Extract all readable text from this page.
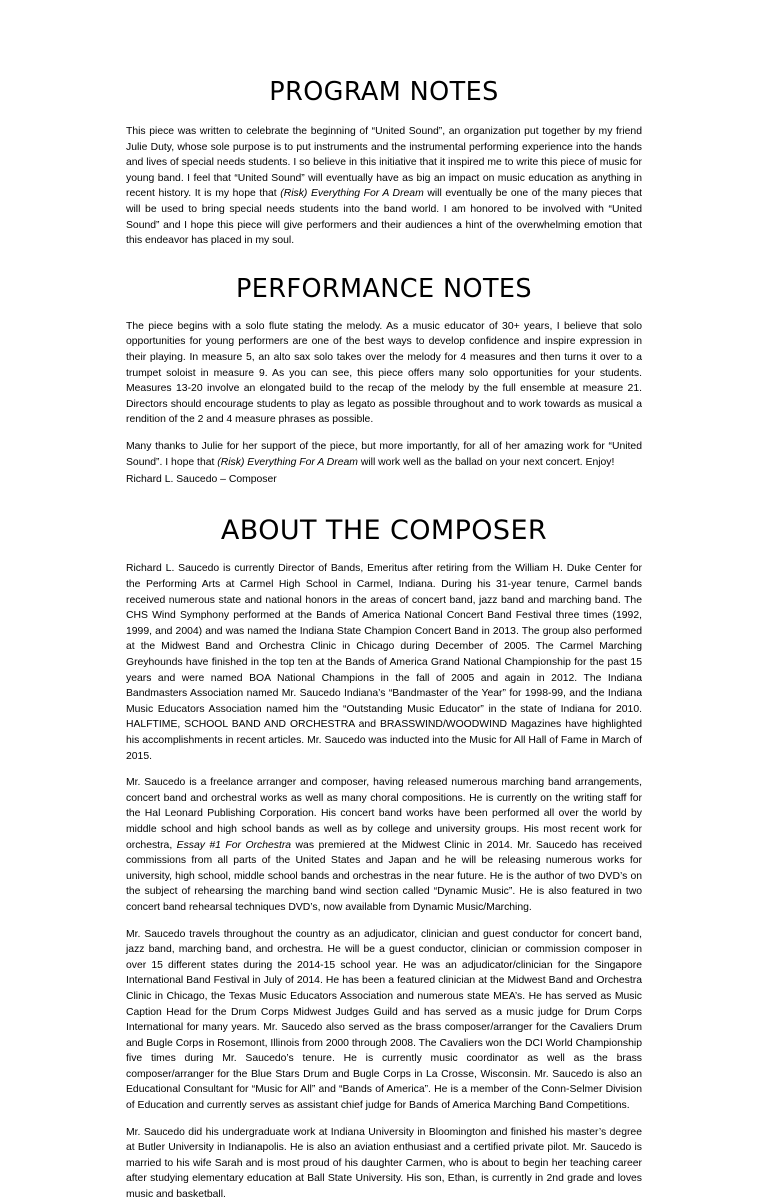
PROGRAM NOTES

This piece was written to celebrate the beginning of “United Sound”, an organization put together by my friend Julie Duty, whose sole purpose is to put instruments and the instrumental performing experience into the hands and lives of special needs students. I so believe in this initiative that it inspired me to write this piece of music for young band. I feel that “United Sound” will eventually have as big an impact on music education as anything in recent history. It is my hope that (Risk) Everything For A Dream will eventually be one of the many pieces that will be used to bring special needs students into the band world. I am honored to be involved with “United Sound” and I hope this piece will give performers and their audiences a hint of the overwhelming emotion that this endeavor has placed in my soul.

PERFORMANCE NOTES

The piece begins with a solo flute stating the melody. As a music educator of 30+ years, I believe that solo opportunities for young performers are one of the best ways to develop confidence and inspire expression in their playing. In measure 5, an alto sax solo takes over the melody for 4 measures and then turns it over to a trumpet soloist in measure 9. As you can see, this piece offers many solo opportunities for your students. Measures 13-20 involve an elongated build to the recap of the melody by the full ensemble at measure 21. Directors should encourage students to play as legato as possible throughout and to work towards as musical a rendition of the 2 and 4 measure phrases as possible.

Many thanks to Julie for her support of the piece, but more importantly, for all of her amazing work for “United Sound”. I hope that (Risk) Everything For A Dream will work well as the ballad on your next concert. Enjoy!

Richard L. Saucedo – Composer
ABOUT THE COMPOSER

Richard L. Saucedo is currently Director of Bands, Emeritus after retiring from the William H. Duke Center for the Performing Arts at Carmel High School in Carmel, Indiana. During his 31-year tenure, Carmel bands received numerous state and national honors in the areas of concert band, jazz band and marching band. The CHS Wind Symphony performed at the Bands of America National Concert Band Festival three times (1992, 1999, and 2004) and was named the Indiana State Champion Concert Band in 2013. The group also performed at the Midwest Band and Orchestra Clinic in Chicago during December of 2005. The Carmel Marching Greyhounds have finished in the top ten at the Bands of America Grand National Championship for the past 15 years and were named BOA National Champions in the fall of 2005 and again in 2012. The Indiana Bandmasters Association named Mr. Saucedo Indiana’s “Bandmaster of the Year” for 1998-99, and the Indiana Music Educators Association named him the “Outstanding Music Educator” in the state of Indiana for 2010. HALFTIME, SCHOOL BAND AND ORCHESTRA and BRASSWIND/WOODWIND Magazines have highlighted his accomplishments in recent articles. Mr. Saucedo was inducted into the Music for All Hall of Fame in March of 2015.

Mr. Saucedo is a freelance arranger and composer, having released numerous marching band arrangements, concert band and orchestral works as well as many choral compositions. He is currently on the writing staff for the Hal Leonard Publishing Corporation. His concert band works have been performed all over the world by middle school and high school bands as well as by college and university groups. His most recent work for orchestra, Essay #1 For Orchestra was premiered at the Midwest Clinic in 2014. Mr. Saucedo has received commissions from all parts of the United States and Japan and he will be releasing numerous works for university, high school, middle school bands and orchestras in the near future. He is the author of two DVD’s on the subject of rehearsing the marching band wind section called “Dynamic Music”. He is also featured in two concert band rehearsal techniques DVD’s, now available from Dynamic Music/Marching.

Mr. Saucedo travels throughout the country as an adjudicator, clinician and guest conductor for concert band, jazz band, marching band, and orchestra. He will be a guest conductor, clinician or commission composer in over 15 different states during the 2014-15 school year. He was an adjudicator/clinician for the Singapore International Band Festival in July of 2014. He has been a featured clinician at the Midwest Band and Orchestra Clinic in Chicago, the Texas Music Educators Association and numerous state MEA’s. He has served as Music Caption Head for the Drum Corps Midwest Judges Guild and has served as a music judge for Drum Corps International for many years. Mr. Saucedo also served as the brass composer/arranger for the Cavaliers Drum and Bugle Corps in Rosemont, Illinois from 2000 through 2008. The Cavaliers won the DCI World Championship five times during Mr. Saucedo’s tenure. He is currently music coordinator as well as the brass composer/arranger for the Blue Stars Drum and Bugle Corps in La Crosse, Wisconsin. Mr. Saucedo is also an Educational Consultant for “Music for All” and “Bands of America”. He is a member of the Conn-Selmer Division of Education and currently serves as assistant chief judge for Bands of America Marching Band Competitions.

Mr. Saucedo did his undergraduate work at Indiana University in Bloomington and finished his master’s degree at Butler University in Indianapolis. He is also an aviation enthusiast and a certified private pilot. Mr. Saucedo is married to his wife Sarah and is most proud of his daughter Carmen, who is about to begin her teaching career after studying elementary education at Ball State University. His son, Ethan, is currently in 2nd grade and loves music and basketball.
